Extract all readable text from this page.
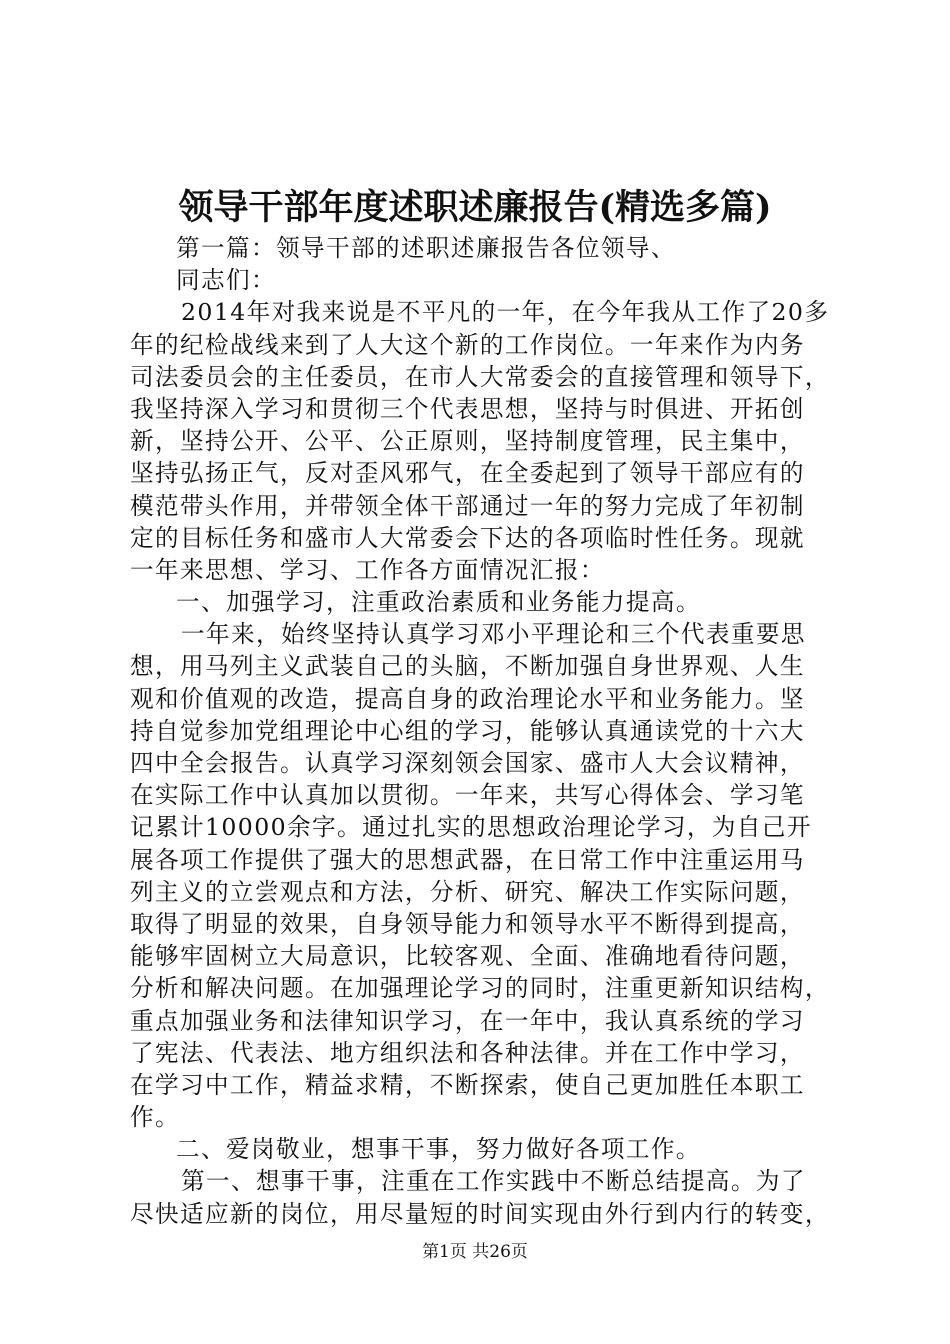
领导干部年度述职述廉报告(精选多篇)
第一篇：领导干部的述职述廉报告各位领导、
同志们：
2014年对我来说是不平凡的一年，在今年我从工作了20多
年的纪检战线来到了人大这个新的工作岗位。一年来作为内务
司法委员会的主任委员，在市人大常委会的直接管理和领导下，
我坚持深入学习和贯彻三个代表思想，坚持与时俱进、开拓创
新，坚持公开、公平、公正原则，坚持制度管理，民主集中，
坚持弘扬正气，反对歪风邪气，在全委起到了领导干部应有的
模范带头作用，并带领全体干部通过一年的努力完成了年初制
定的目标任务和盛市人大常委会下达的各项临时性任务。现就
一年来思想、学习、工作各方面情况汇报：
一、加强学习，注重政治素质和业务能力提高。
一年来，始终坚持认真学习邓小平理论和三个代表重要思
想，用马列主义武装自己的头脑，不断加强自身世界观、人生
观和价值观的改造，提高自身的政治理论水平和业务能力。坚
持自觉参加党组理论中心组的学习，能够认真通读党的十六大
四中全会报告。认真学习深刻领会国家、盛市人大会议精神，
在实际工作中认真加以贯彻。一年来，共写心得体会、学习笔
记累计10000余字。通过扎实的思想政治理论学习，为自己开
展各项工作提供了强大的思想武器，在日常工作中注重运用马
列主义的立尝观点和方法，分析、研究、解决工作实际问题，
取得了明显的效果，自身领导能力和领导水平不断得到提高，
能够牢固树立大局意识，比较客观、全面、准确地看待问题，
分析和解决问题。在加强理论学习的同时，注重更新知识结构，
重点加强业务和法律知识学习，在一年中，我认真系统的学习
了宪法、代表法、地方组织法和各种法律。并在工作中学习，
在学习中工作，精益求精，不断探索，使自己更加胜任本职工
作。
二、爱岗敬业，想事干事，努力做好各项工作。
第一、想事干事，注重在工作实践中不断总结提高。为了
尽快适应新的岗位，用尽量短的时间实现由外行到内行的转变，
第1页 共26页
